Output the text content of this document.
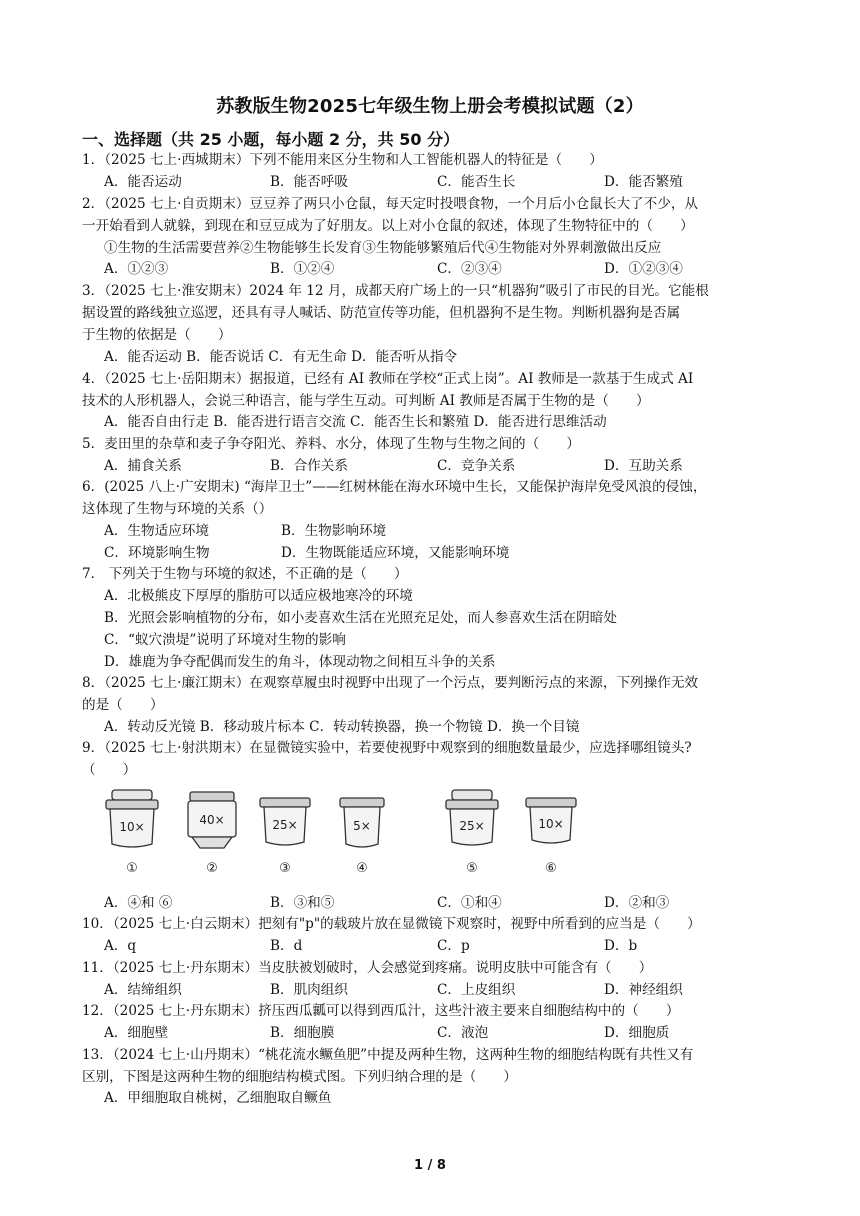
苏教版生物2025七年级生物上册会考模拟试题（2）
一、选择题（共 25 小题，每小题 2 分，共 50 分）
1．（2025 七上·西城期末）下列不能用来区分生物和人工智能机器人的特征是（　　）
A．能否运动	B．能否呼吸	C．能否生长	D．能否繁殖
2．（2025 七上·自贡期末）豆豆养了两只小仓鼠，每天定时投喂食物，一个月后小仓鼠长大了不少，从
一开始看到人就躲，到现在和豆豆成为了好朋友。以上对小仓鼠的叙述，体现了生物特征中的（　　）
①生物的生活需要营养②生物能够生长发育③生物能够繁殖后代④生物能对外界刺激做出反应
A．①②③	B．①②④	C．②③④	D．①②③④
3．（2025 七上·淮安期末）2024 年 12 月，成都天府广场上的一只“机器狗”吸引了市民的目光。它能根
据设置的路线独立巡逻，还具有寻人喊话、防范宣传等功能，但机器狗不是生物。判断机器狗是否属
于生物的依据是（　　）
A．能否运动 B．能否说话 C．有无生命 D．能否听从指令
4．（2025 七上·岳阳期末）据报道，已经有 AI 教师在学校“正式上岗”。AI 教师是一款基于生成式 AI
技术的人形机器人，会说三种语言，能与学生互动。可判断 AI 教师是否属于生物的是（　　）
A．能否自由行走 B．能否进行语言交流 C．能否生长和繁殖 D．能否进行思维活动
5．麦田里的杂草和麦子争夺阳光、养料、水分，体现了生物与生物之间的（　　）
A．捕食关系	B．合作关系	C．竞争关系	D．互助关系
6．(2025 八上·广安期末) “海岸卫士”——红树林能在海水环境中生长，又能保护海岸免受风浪的侵蚀，
这体现了生物与环境的关系（）
A．生物适应环境	B．生物影响环境
C．环境影响生物	D．生物既能适应环境，又能影响环境
7． 下列关于生物与环境的叙述，不正确的是（　　）
A．北极熊皮下厚厚的脂肪可以适应极地寒冷的环境
B．光照会影响植物的分布，如小麦喜欢生活在光照充足处，而人参喜欢生活在阴暗处
C．“蚁穴溃堤”说明了环境对生物的影响
D．雄鹿为争夺配偶而发生的角斗，体现动物之间相互斗争的关系
8．（2025 七上·廉江期末）在观察草履虫时视野中出现了一个污点，要判断污点的来源，下列操作无效
的是（　　）
A．转动反光镜 B．移动玻片标本 C．转动转换器，换一个物镜 D．换一个目镜
9．（2025 七上·射洪期末）在显微镜实验中，若要使视野中观察到的细胞数量最少，应选择哪组镜头?
（　　）
10×
①
40×
②
25×
③
5×
④
25×
⑤
10×
⑥
A．④和 ⑥	B．③和⑤	C．①和④	D．②和③
10．（2025 七上·白云期末）把刻有"p"的载玻片放在显微镜下观察时，视野中所看到的应当是（　　）
A．q	B．d	C．p	D．b
11．（2025 七上·丹东期末）当皮肤被划破时，人会感觉到疼痛。说明皮肤中可能含有（　　）
A．结缔组织	B．肌肉组织	C．上皮组织	D．神经组织
12．（2025 七上·丹东期末）挤压西瓜瓤可以得到西瓜汁，这些汁液主要来自细胞结构中的（　　）
A．细胞壁	B．细胞膜	C．液泡	D．细胞质
13．（2024 七上·山丹期末）“桃花流水鳜鱼肥”中提及两种生物，这两种生物的细胞结构既有共性又有
区别，下图是这两种生物的细胞结构模式图。下列归纳合理的是（　　）
A．甲细胞取自桃树，乙细胞取自鳜鱼
1 / 8
